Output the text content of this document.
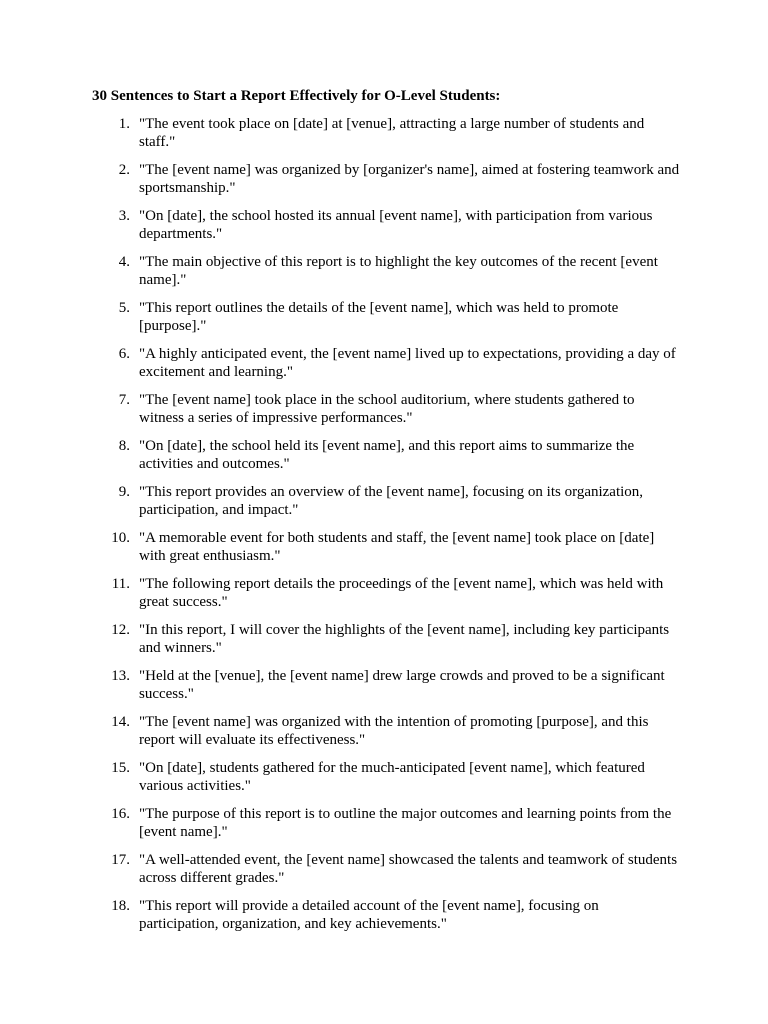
30 Sentences to Start a Report Effectively for O-Level Students:
1. "The event took place on [date] at [venue], attracting a large number of students and staff."
2. "The [event name] was organized by [organizer's name], aimed at fostering teamwork and sportsmanship."
3. "On [date], the school hosted its annual [event name], with participation from various departments."
4. "The main objective of this report is to highlight the key outcomes of the recent [event name]."
5. "This report outlines the details of the [event name], which was held to promote [purpose]."
6. "A highly anticipated event, the [event name] lived up to expectations, providing a day of excitement and learning."
7. "The [event name] took place in the school auditorium, where students gathered to witness a series of impressive performances."
8. "On [date], the school held its [event name], and this report aims to summarize the activities and outcomes."
9. "This report provides an overview of the [event name], focusing on its organization, participation, and impact."
10. "A memorable event for both students and staff, the [event name] took place on [date] with great enthusiasm."
11. "The following report details the proceedings of the [event name], which was held with great success."
12. "In this report, I will cover the highlights of the [event name], including key participants and winners."
13. "Held at the [venue], the [event name] drew large crowds and proved to be a significant success."
14. "The [event name] was organized with the intention of promoting [purpose], and this report will evaluate its effectiveness."
15. "On [date], students gathered for the much-anticipated [event name], which featured various activities."
16. "The purpose of this report is to outline the major outcomes and learning points from the [event name]."
17. "A well-attended event, the [event name] showcased the talents and teamwork of students across different grades."
18. "This report will provide a detailed account of the [event name], focusing on participation, organization, and key achievements."
